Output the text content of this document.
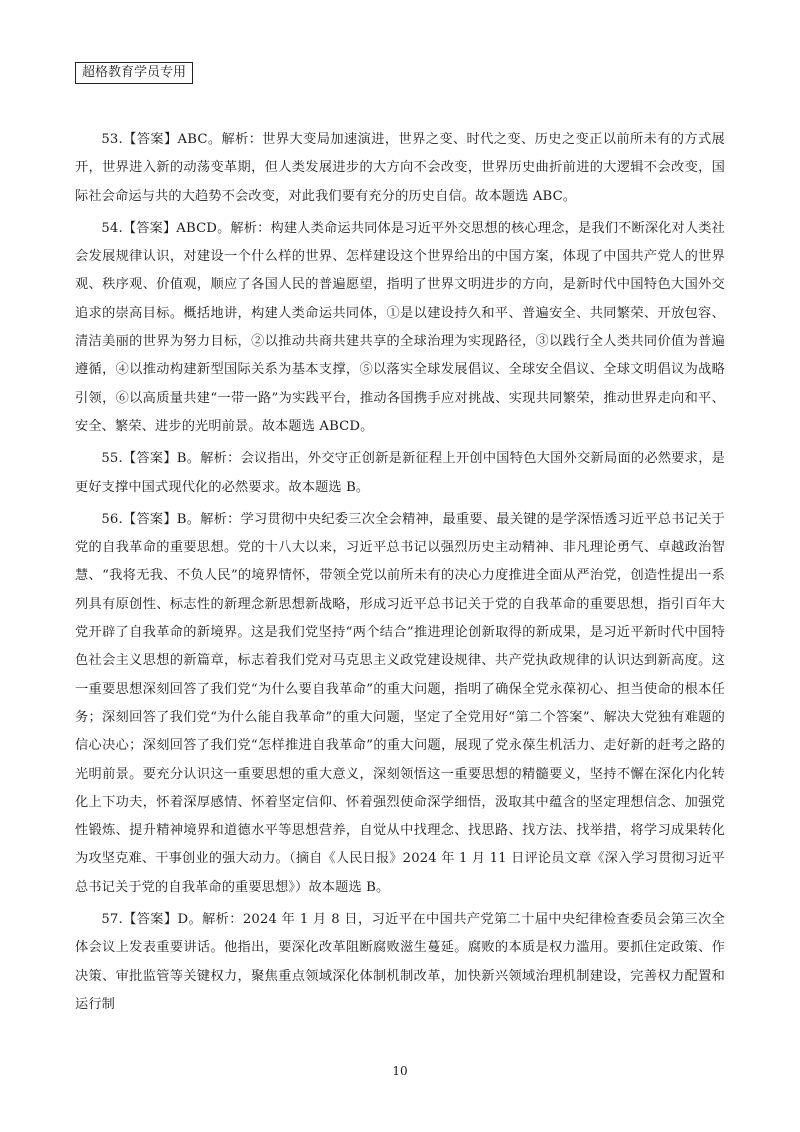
超格教育学员专用

53.【答案】ABC。解析：世界大变局加速演进，世界之变、时代之变、历史之变正以前所未有的方式展开，世界进入新的动荡变革期，但人类发展进步的大方向不会改变，世界历史曲折前进的大逻辑不会改变，国际社会命运与共的大趋势不会改变，对此我们要有充分的历史自信。故本题选 ABC。

54.【答案】ABCD。解析：构建人类命运共同体是习近平外交思想的核心理念，是我们不断深化对人类社会发展规律认识，对建设一个什么样的世界、怎样建设这个世界给出的中国方案，体现了中国共产党人的世界观、秩序观、价值观，顺应了各国人民的普遍愿望，指明了世界文明进步的方向，是新时代中国特色大国外交追求的崇高目标。概括地讲，构建人类命运共同体，①是以建设持久和平、普遍安全、共同繁荣、开放包容、清洁美丽的世界为努力目标，②以推动共商共建共享的全球治理为实现路径，③以践行全人类共同价值为普遍遵循，④以推动构建新型国际关系为基本支撑，⑤以落实全球发展倡议、全球安全倡议、全球文明倡议为战略引领，⑥以高质量共建“一带一路”为实践平台，推动各国携手应对挑战、实现共同繁荣，推动世界走向和平、安全、繁荣、进步的光明前景。故本题选 ABCD。

55.【答案】B。解析：会议指出，外交守正创新是新征程上开创中国特色大国外交新局面的必然要求，是更好支撑中国式现代化的必然要求。故本题选 B。

56.【答案】B。解析：学习贯彻中央纪委三次全会精神，最重要、最关键的是学深悟透习近平总书记关于党的自我革命的重要思想。党的十八大以来，习近平总书记以强烈历史主动精神、非凡理论勇气、卓越政治智慧、“我将无我、不负人民”的境界情怀，带领全党以前所未有的决心力度推进全面从严治党，创造性提出一系列具有原创性、标志性的新理念新思想新战略，形成习近平总书记关于党的自我革命的重要思想，指引百年大党开辟了自我革命的新境界。这是我们党坚持“两个结合”推进理论创新取得的新成果，是习近平新时代中国特色社会主义思想的新篇章，标志着我们党对马克思主义政党建设规律、共产党执政规律的认识达到新高度。这一重要思想深刻回答了我们党“为什么要自我革命”的重大问题，指明了确保全党永葆初心、担当使命的根本任务；深刻回答了我们党“为什么能自我革命”的重大问题，坚定了全党用好“第二个答案”、解决大党独有难题的信心决心；深刻回答了我们党“怎样推进自我革命”的重大问题，展现了党永葆生机活力、走好新的赶考之路的光明前景。要充分认识这一重要思想的重大意义，深刻领悟这一重要思想的精髓要义，坚持不懈在深化内化转化上下功夫，怀着深厚感情、怀着坚定信仰、怀着强烈使命深学细悟，汲取其中蕴含的坚定理想信念、加强党性锻炼、提升精神境界和道德水平等思想营养，自觉从中找理念、找思路、找方法、找举措，将学习成果转化为攻坚克难、干事创业的强大动力。（摘自《人民日报》2024 年 1 月 11 日评论员文章《深入学习贯彻习近平总书记关于党的自我革命的重要思想》）故本题选 B。

57.【答案】D。解析：2024 年 1 月 8 日，习近平在中国共产党第二十届中央纪律检查委员会第三次全体会议上发表重要讲话。他指出，要深化改革阻断腐败滋生蔓延。腐败的本质是权力滥用。要抓住定政策、作决策、审批监管等关键权力，聚焦重点领域深化体制机制改革，加快新兴领域治理机制建设，完善权力配置和运行制

10
